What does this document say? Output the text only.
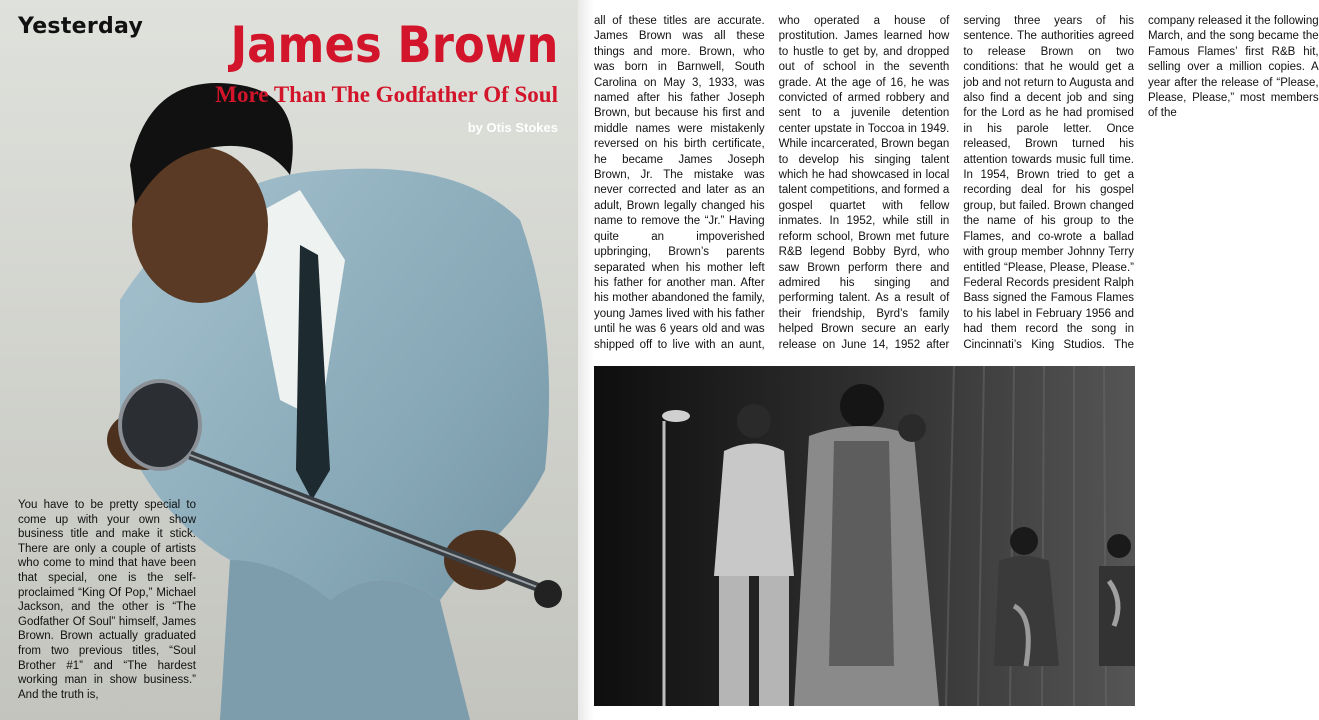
Yesterday James Brown
More Than The Godfather Of Soul

by Otis Stokes

You have to be pretty special to come up with your own show business title and make it stick. There are only a couple of artists who come to mind that have been that special, one is the self-proclaimed “King Of Pop,” Michael Jackson, and the other is “The Godfather Of Soul” himself, James Brown. Brown actually graduated from two previous titles, “Soul Brother #1” and “The hardest working man in show business.” And the truth is,

all of these titles are accurate. James Brown was all these things and more. Brown, who was born in Barnwell, South Carolina on May 3, 1933, was named after his father Joseph Brown, but because his first and middle names were mistakenly reversed on his birth certificate, he became James Joseph Brown, Jr. The mistake was never corrected and later as an adult, Brown legally changed his name to remove the “Jr.” Having quite an impoverished upbringing, Brown’s parents separated when his mother left his father for another man. After his mother abandoned the family, young James lived with his father until he was 6 years old and was shipped off to live with an aunt, who operated a house of prostitution. James learned how to hustle to get by, and dropped out of school in the seventh grade. At the age of 16, he was convicted of armed robbery and sent to a juvenile detention center upstate in Toccoa in 1949. While incarcerated, Brown began to develop his singing talent which he had showcased in local talent competitions, and formed a gospel quartet with fellow inmates. In 1952, while still in reform school, Brown met future R&B legend Bobby Byrd, who saw Brown perform there and admired his singing and performing talent. As a result of their friendship, Byrd’s family helped Brown secure an early release on June 14, 1952 after serving three years of his sentence. The authorities agreed to release Brown on two conditions: that he would get a job and not return to Augusta and also find a decent job and sing for the Lord as he had promised in his parole letter. Once released, Brown turned his attention towards music full time. In 1954, Brown tried to get a recording deal for his gospel group, but failed. Brown changed the name of his group to the Flames, and co-wrote a ballad with group member Johnny Terry entitled “Please, Please, Please.” Federal Records president Ralph Bass signed the Famous Flames to his label in February 1956 and had them record the song in Cincinnati’s King Studios. The company released it the following March, and the song became the Famous Flames’ first R&B hit, selling over a million copies. A year after the release of “Please, Please, Please,” most members of the
